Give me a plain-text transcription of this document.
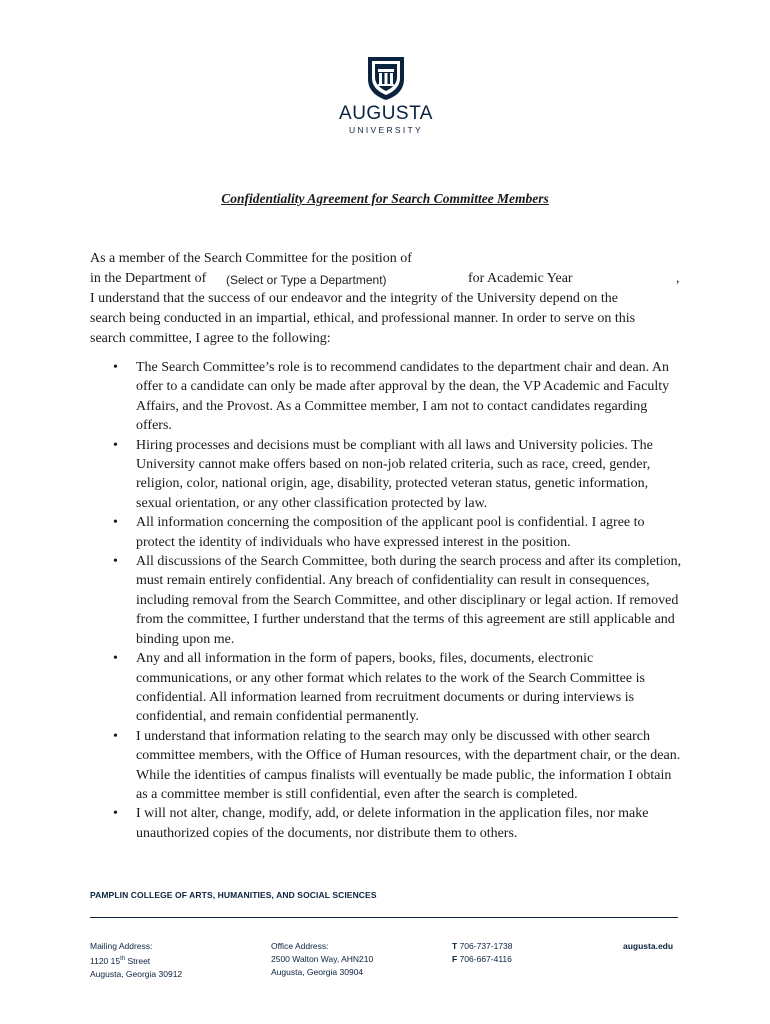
AUGUSTA
UNIVERSITY
Confidentiality Agreement for Search Committee Members
As a member of the Search Committee for the position of
in the Department of (Select or Type a Department)	for Academic Year	,
I understand that the success of our endeavor and the integrity of the University depend on the
search being conducted in an impartial, ethical, and professional manner. In order to serve on this
search committee, I agree to the following:
• The Search Committee’s role is to recommend candidates to the department chair and dean. An offer to a candidate can only be made after approval by the dean, the VP Academic and Faculty Affairs, and the Provost. As a Committee member, I am not to contact candidates regarding offers.
• Hiring processes and decisions must be compliant with all laws and University policies. The University cannot make offers based on non-job related criteria, such as race, creed, gender, religion, color, national origin, age, disability, protected veteran status, genetic information, sexual orientation, or any other classification protected by law.
• All information concerning the composition of the applicant pool is confidential. I agree to protect the identity of individuals who have expressed interest in the position.
• All discussions of the Search Committee, both during the search process and after its completion, must remain entirely confidential. Any breach of confidentiality can result in consequences, including removal from the Search Committee, and other disciplinary or legal action. If removed from the committee, I further understand that the terms of this agreement are still applicable and binding upon me.
• Any and all information in the form of papers, books, files, documents, electronic communications, or any other format which relates to the work of the Search Committee is confidential. All information learned from recruitment documents or during interviews is confidential, and remain confidential permanently.
• I understand that information relating to the search may only be discussed with other search committee members, with the Office of Human resources, with the department chair, or the dean. While the identities of campus finalists will eventually be made public, the information I obtain as a committee member is still confidential, even after the search is completed.
• I will not alter, change, modify, add, or delete information in the application files, nor make unauthorized copies of the documents, nor distribute them to others.
PAMPLIN COLLEGE OF ARTS, HUMANITIES, AND SOCIAL SCIENCES
Mailing Address:
1120 15th Street
Augusta, Georgia 30912
Office Address:
2500 Walton Way, AHN210
Augusta, Georgia 30904
T 706-737-1738
F 706-667-4116
augusta.edu
